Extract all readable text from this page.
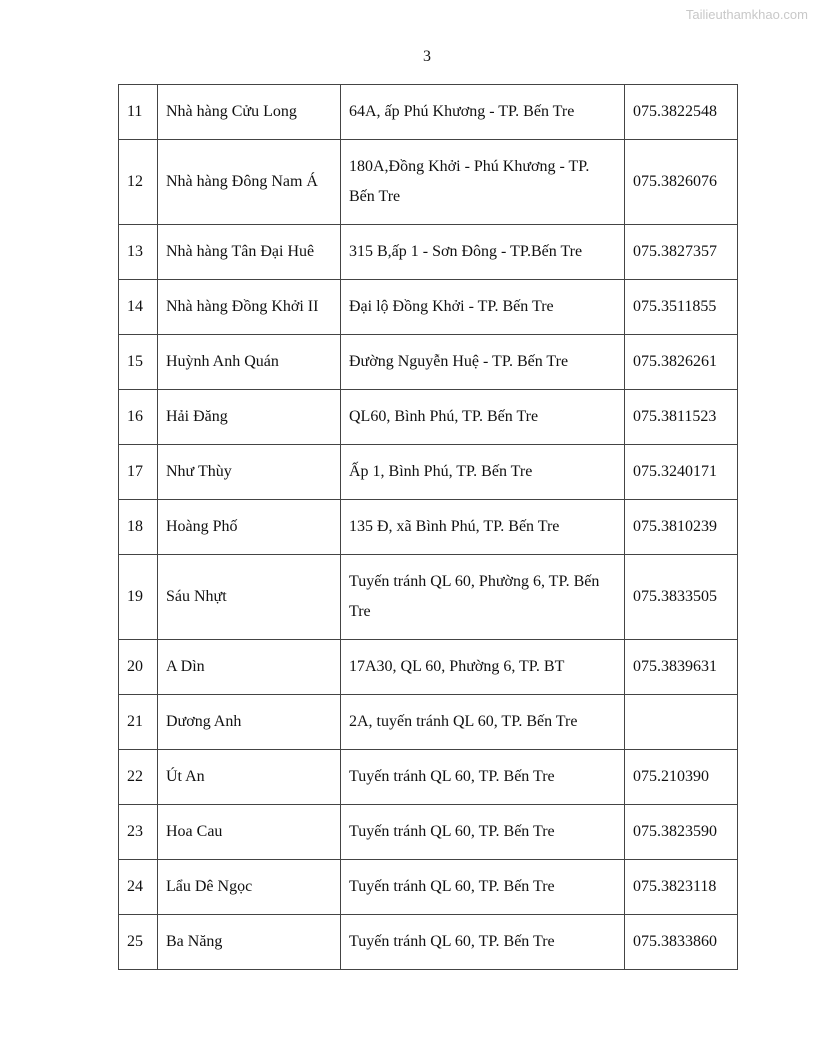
Tailieuthamkhao.com
3
11	Nhà hàng Cửu Long	64A, ấp Phú Khương - TP. Bến Tre	075.3822548
12	Nhà hàng Đông Nam Á	180A,Đồng Khởi - Phú Khương - TP. Bến Tre	075.3826076
13	Nhà hàng Tân Đại Huê	315 B,ấp 1 - Sơn Đông - TP.Bến Tre	075.3827357
14	Nhà hàng Đồng Khởi II	Đại lộ Đồng Khởi - TP. Bến Tre	075.3511855
15	Huỳnh Anh Quán	Đường Nguyễn Huệ - TP. Bến Tre	075.3826261
16	Hải Đăng	QL60, Bình Phú, TP. Bến Tre	075.3811523
17	Như Thùy	Ấp 1, Bình Phú, TP. Bến Tre	075.3240171
18	Hoàng Phố	135 Đ, xã Bình Phú, TP. Bến Tre	075.3810239
19	Sáu Nhựt	Tuyến tránh QL 60, Phường 6, TP. Bến Tre	075.3833505
20	A Dìn	17A30, QL 60, Phường 6, TP. BT	075.3839631
21	Dương Anh	2A, tuyến tránh QL 60, TP. Bến Tre	
22	Út An	Tuyến tránh QL 60, TP. Bến Tre	075.210390
23	Hoa Cau	Tuyến tránh QL 60, TP. Bến Tre	075.3823590
24	Lẩu Dê Ngọc	Tuyến tránh QL 60, TP. Bến Tre	075.3823118
25	Ba Năng	Tuyến tránh QL 60, TP. Bến Tre	075.3833860
